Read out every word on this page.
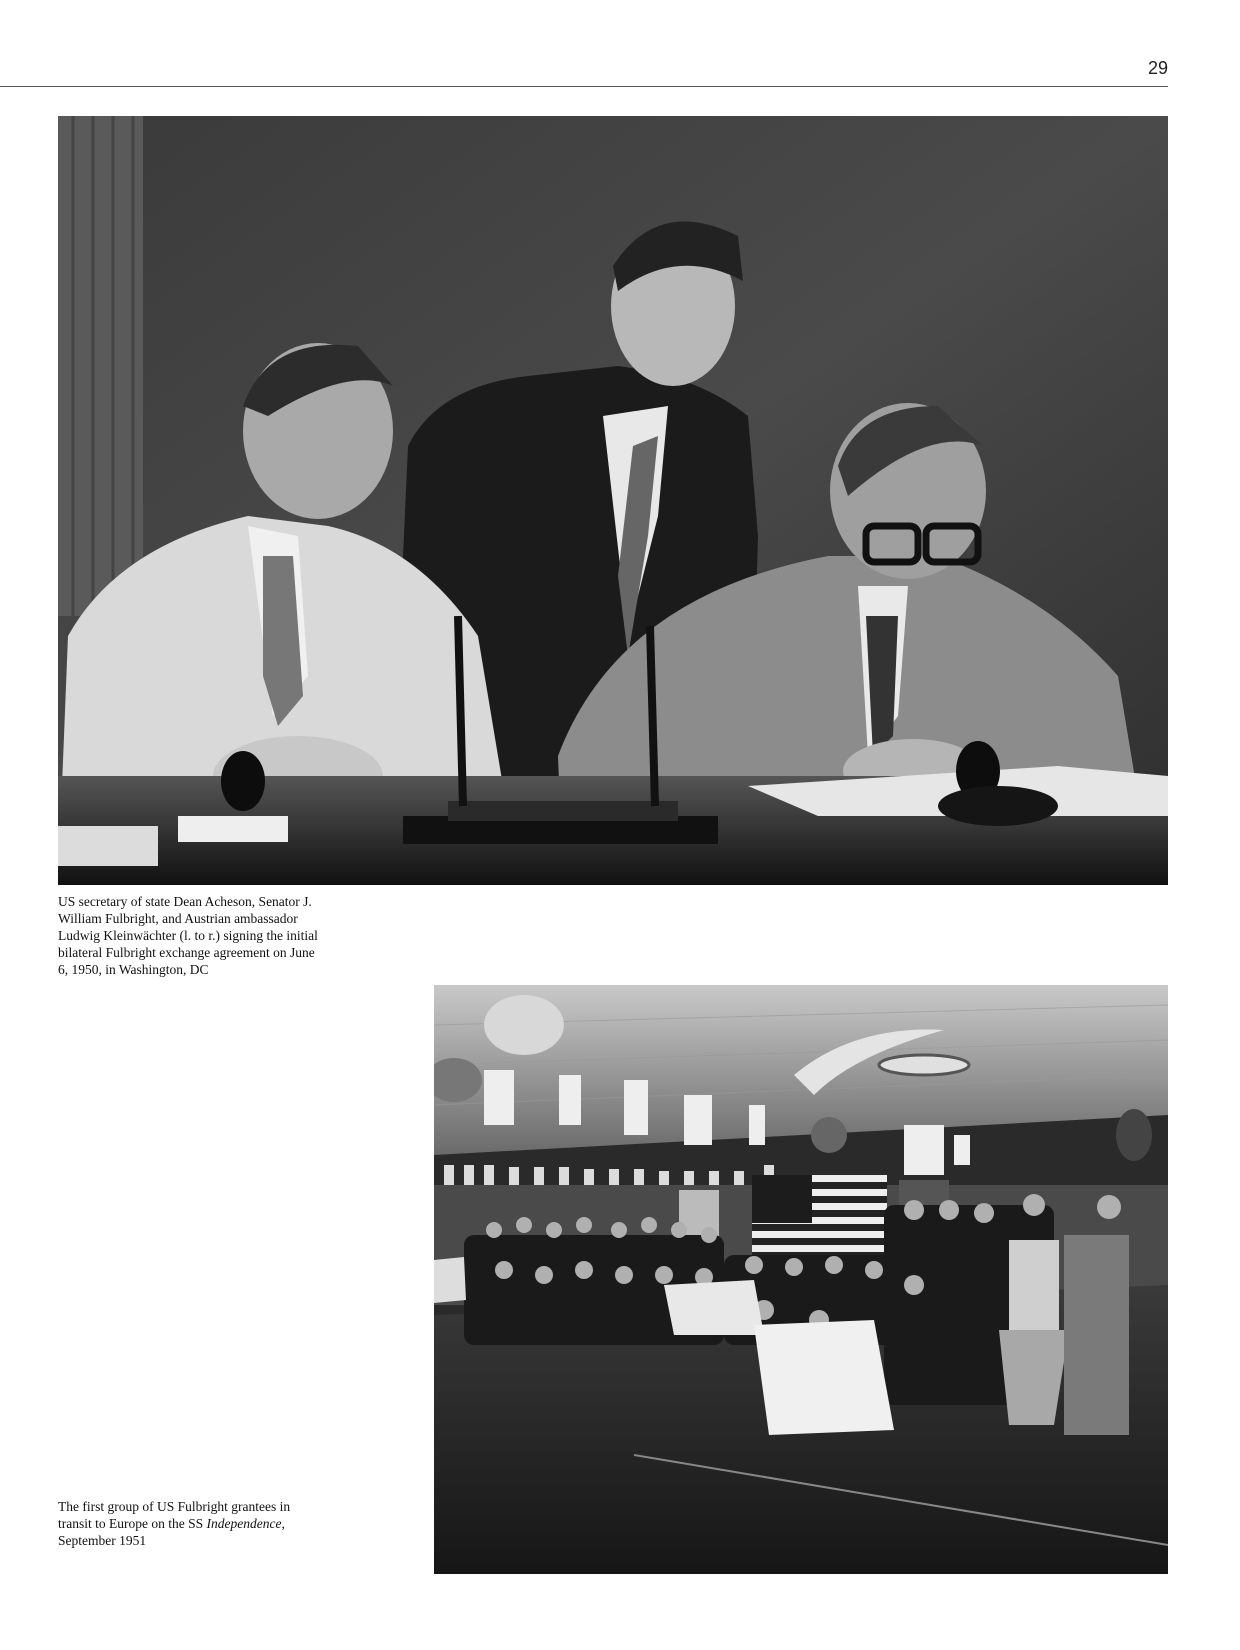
29
US secretary of state Dean Acheson, Senator J. William Fulbright, and Austrian ambassador Ludwig Kleinwächter (l. to r.) signing the initial bilateral Fulbright exchange agreement on June 6, 1950, in Washington, DC
The first group of US Fulbright grantees in transit to Europe on the SS Independence, September 1951
